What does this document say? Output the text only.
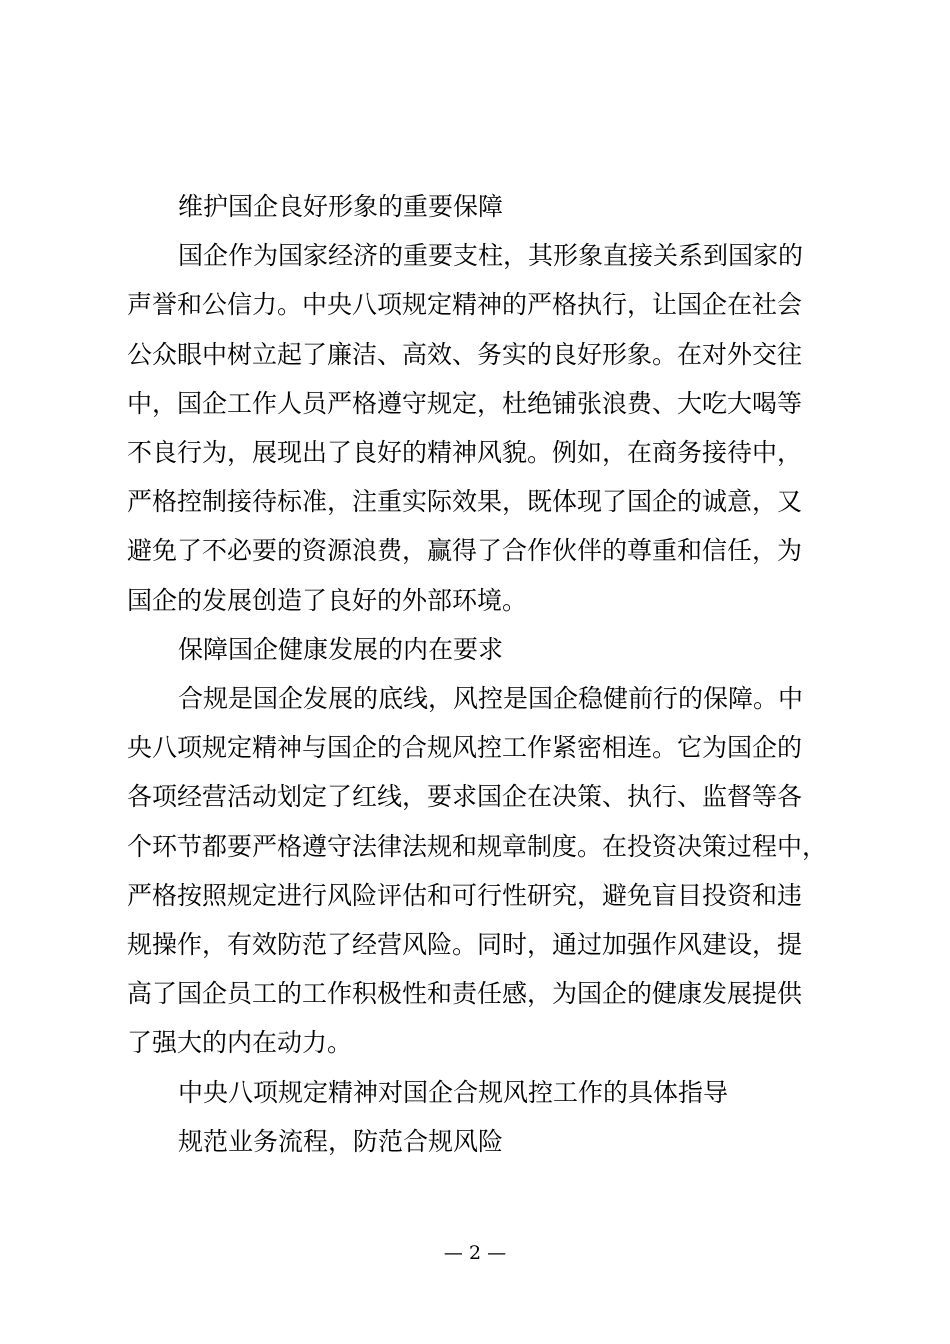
维护国企良好形象的重要保障

国企作为国家经济的重要支柱，其形象直接关系到国家的
声誉和公信力。中央八项规定精神的严格执行，让国企在社会
公众眼中树立起了廉洁、高效、务实的良好形象。在对外交往
中，国企工作人员严格遵守规定，杜绝铺张浪费、大吃大喝等
不良行为，展现出了良好的精神风貌。例如，在商务接待中，
严格控制接待标准，注重实际效果，既体现了国企的诚意，又
避免了不必要的资源浪费，赢得了合作伙伴的尊重和信任，为
国企的发展创造了良好的外部环境。

保障国企健康发展的内在要求

合规是国企发展的底线，风控是国企稳健前行的保障。中
央八项规定精神与国企的合规风控工作紧密相连。它为国企的
各项经营活动划定了红线，要求国企在决策、执行、监督等各
个环节都要严格遵守法律法规和规章制度。在投资决策过程中，
严格按照规定进行风险评估和可行性研究，避免盲目投资和违
规操作，有效防范了经营风险。同时，通过加强作风建设，提
高了国企员工的工作积极性和责任感，为国企的健康发展提供
了强大的内在动力。

中央八项规定精神对国企合规风控工作的具体指导

规范业务流程，防范合规风险

— 2 —
